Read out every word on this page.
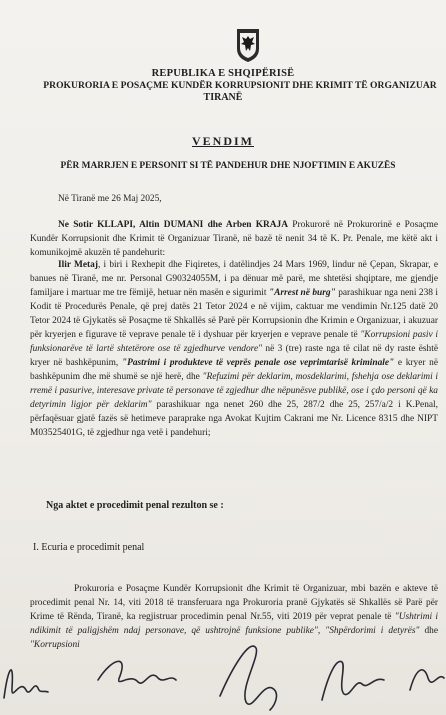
REPUBLIKA E SHQIPËRISË
PROKURORIA E POSAÇME KUNDËR KORRUPSIONIT DHE KRIMIT TË ORGANIZUAR
TIRANË
VENDIM
PËR MARRJEN E PERSONIT SI TË PANDEHUR DHE NJOFTIMIN E AKUZËS

Në Tiranë me 26 Maj 2025,

Ne Sotir KLLAPI, Altin DUMANI dhe Arben KRAJA Prokurorë në Prokurorinë e Posaçme Kundër Korrupsionit dhe Krimit të Organizuar Tiranë, në bazë të nenit 34 të K. Pr. Penale, me këtë akt i komunikojmë akuzën të pandehurit:

Ilir Metaj, i biri i Rexhepit dhe Fiqiretes, i datëlindjes 24 Mars 1969, lindur në Çepan, Skrapar, e banues në Tiranë, me nr. Personal G90324055M, i pa dënuar më parë, me shtetësi shqiptare, me gjendje familjare i martuar me tre fëmijë, hetuar nën masën e sigurimit "Arrest në burg" parashikuar nga neni 238 i Kodit të Procedurës Penale, që prej datës 21 Tetor 2024 e në vijim, caktuar me vendimin Nr.125 datë 20 Tetor 2024 të Gjykatës së Posaçme të Shkallës së Parë për Korrupsionin dhe Krimin e Organizuar, i akuzuar për kryerjen e figurave të veprave penale të i dyshuar për kryerjen e veprave penale të "Korrupsioni pasiv i funksionarëve të lartë shtetërore ose të zgjedhurve vendore" në 3 (tre) raste nga të cilat në dy raste është kryer në bashkëpunim, "Pastrimi i produkteve të veprës penale ose veprimtarisë kriminale" e kryer në bashkëpunim dhe më shumë se një herë, dhe "Refuzimi për deklarim, mosdeklarimi, fshehja ose deklarimi i rremë i pasurive, interesave private të personave të zgjedhur dhe nëpunësve publikë, ose i çdo personi që ka detyrimin ligjor për deklarim" parashikuar nga nenet 260 dhe 25, 287/2 dhe 25, 257/a/2 i K.Penal, përfaqësuar gjatë fazës së hetimeve paraprake nga Avokat Kujtim Cakrani me Nr. Licence 8315 dhe NIPT M03525401G, të zgjedhur nga vetë i pandehuri;

Nga aktet e procedimit penal rezulton se :
I. Ecuria e procedimit penal

Prokuroria e Posaçme Kundër Korrupsionit dhe Krimit të Organizuar, mbi bazën e akteve të procedimit penal Nr. 14, viti 2018 të transferuara nga Prokuroria pranë Gjykatës së Shkallës së Parë për Krime të Rënda, Tiranë, ka regjistruar procedimin penal Nr.55, viti 2019 për veprat penale të "Ushtrimi i ndikimit të paligjshëm ndaj personave, që ushtrojnë funksione publike", "Shpërdorimi i detyrës" dhe "Korrupsioni
